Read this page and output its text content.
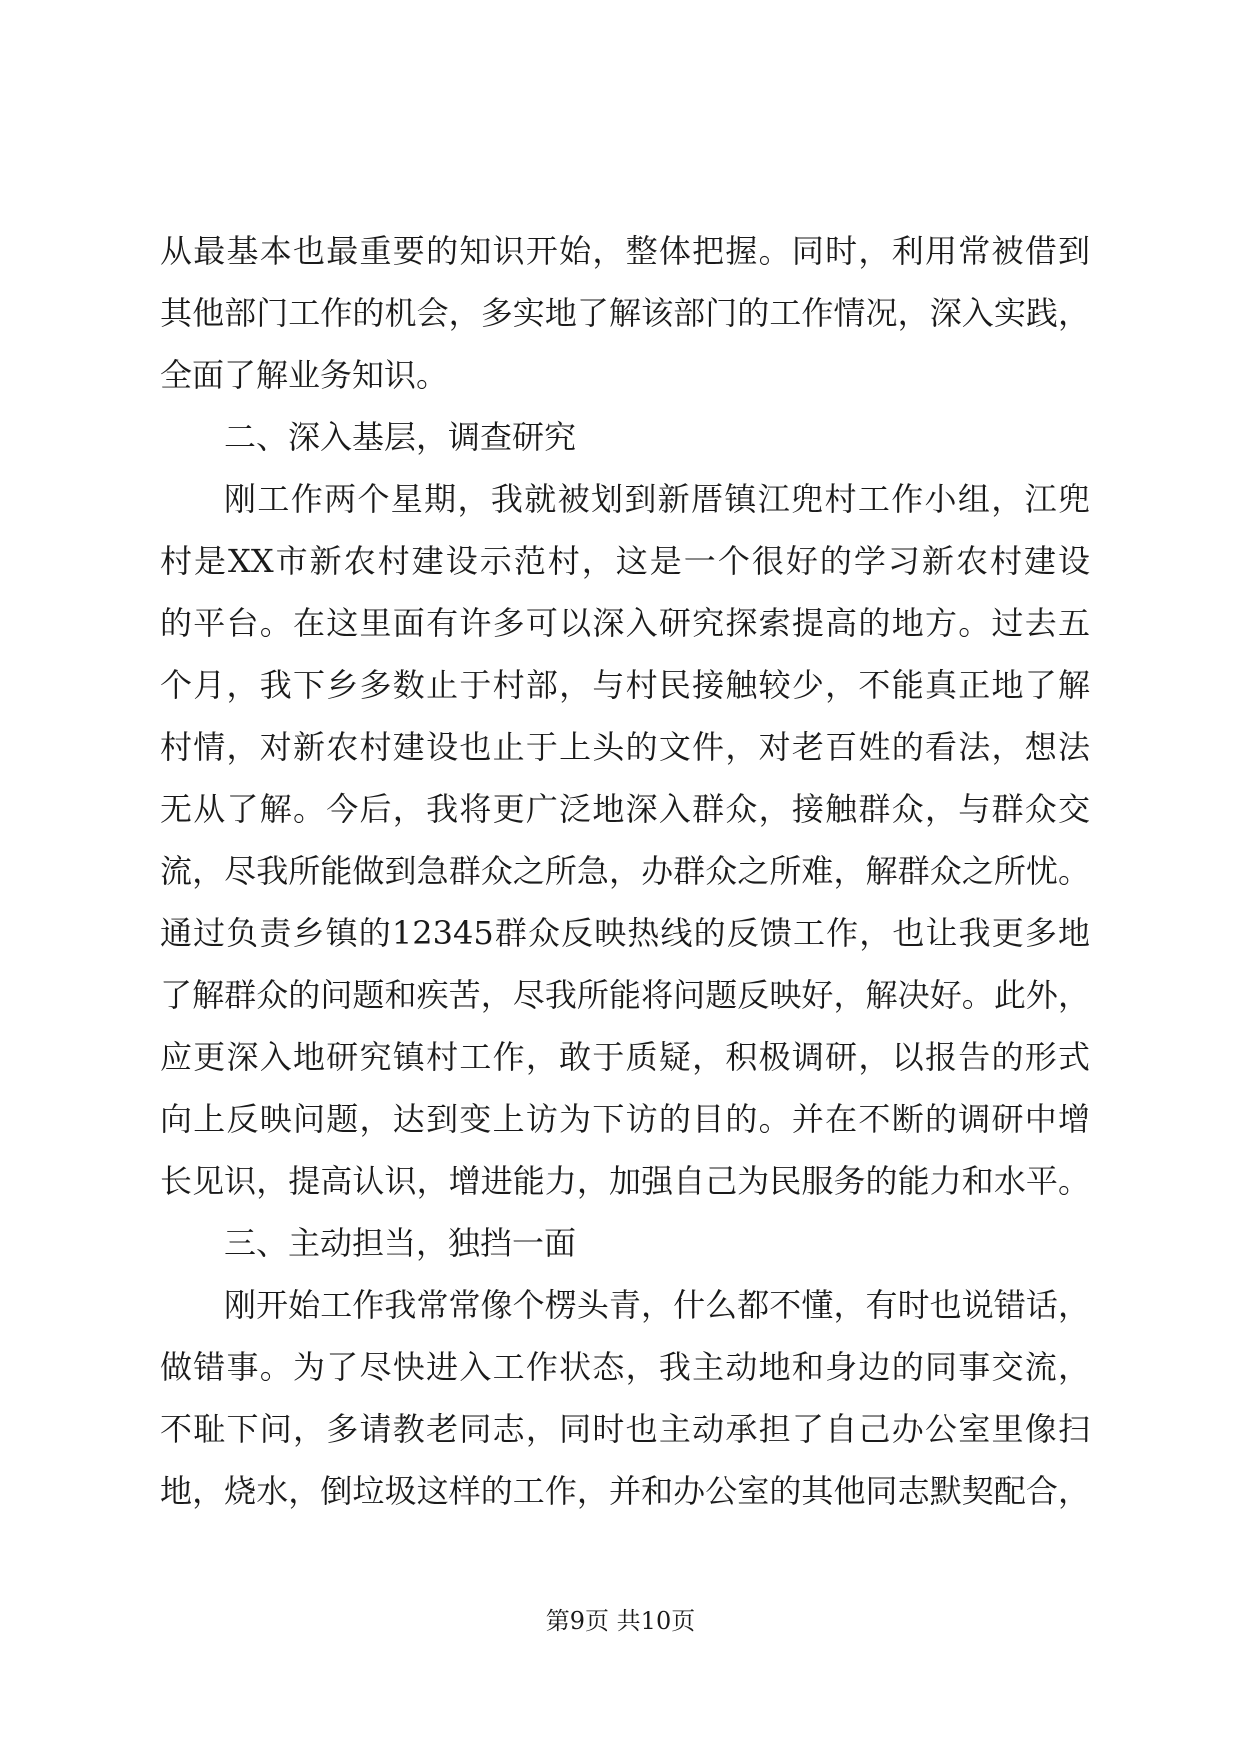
从最基本也最重要的知识开始，整体把握。同时，利用常被借到
其他部门工作的机会，多实地了解该部门的工作情况，深入实践，
全面了解业务知识。
二、深入基层，调查研究
刚工作两个星期，我就被划到新厝镇江兜村工作小组，江兜
村是XX市新农村建设示范村，这是一个很好的学习新农村建设
的平台。在这里面有许多可以深入研究探索提高的地方。过去五
个月，我下乡多数止于村部，与村民接触较少，不能真正地了解
村情，对新农村建设也止于上头的文件，对老百姓的看法，想法
无从了解。今后，我将更广泛地深入群众，接触群众，与群众交
流，尽我所能做到急群众之所急，办群众之所难，解群众之所忧。
通过负责乡镇的12345群众反映热线的反馈工作，也让我更多地
了解群众的问题和疾苦，尽我所能将问题反映好，解决好。此外，
应更深入地研究镇村工作，敢于质疑，积极调研，以报告的形式
向上反映问题，达到变上访为下访的目的。并在不断的调研中增
长见识，提高认识，增进能力，加强自己为民服务的能力和水平。
三、主动担当，独挡一面
刚开始工作我常常像个楞头青，什么都不懂，有时也说错话，
做错事。为了尽快进入工作状态，我主动地和身边的同事交流，
不耻下问，多请教老同志，同时也主动承担了自己办公室里像扫
地，烧水，倒垃圾这样的工作，并和办公室的其他同志默契配合，
第9页 共10页
